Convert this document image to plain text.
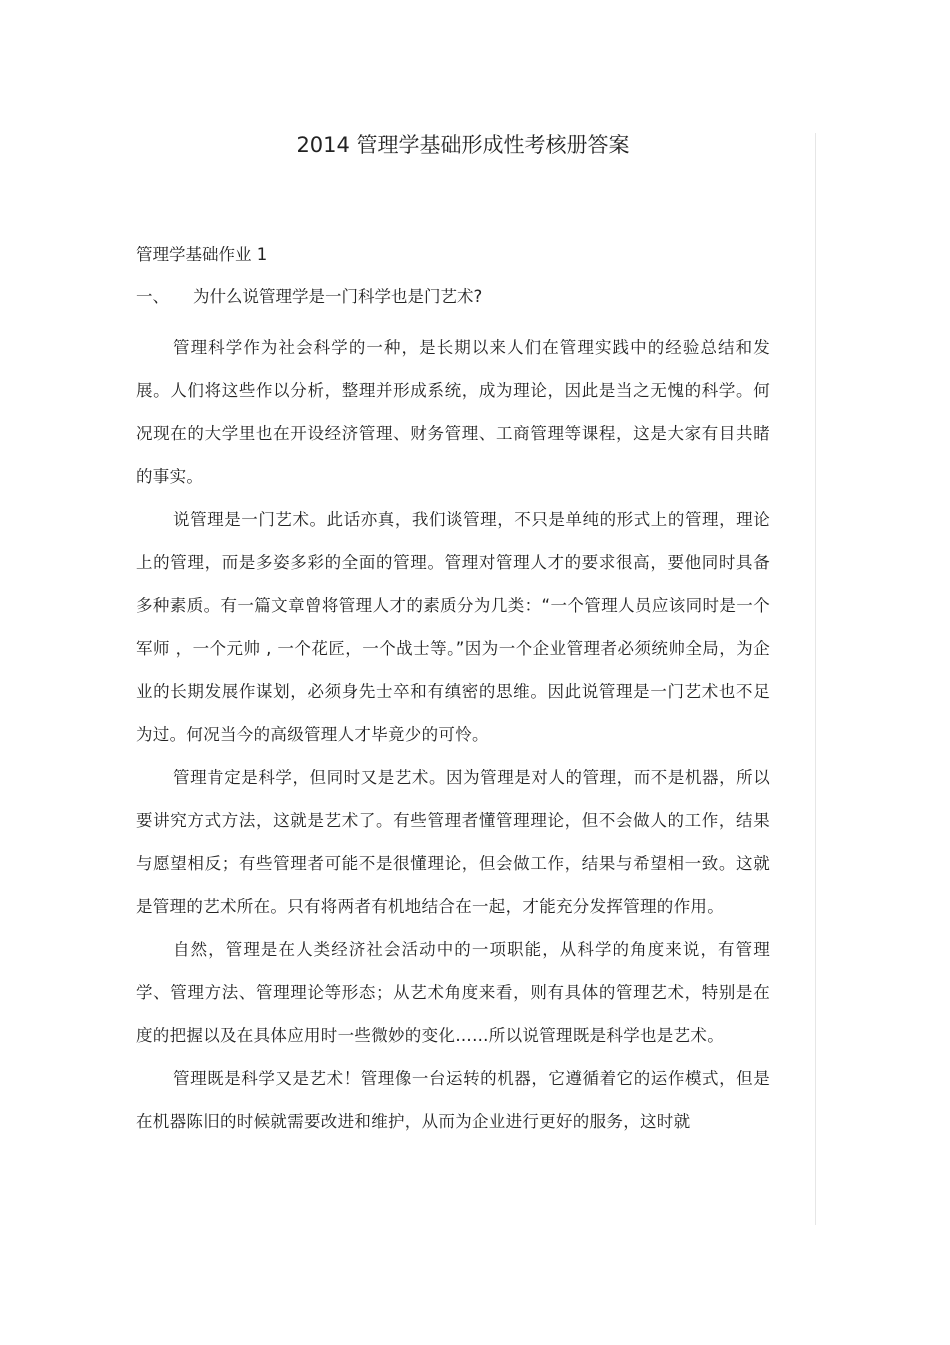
2014 管理学基础形成性考核册答案
管理学基础作业 1
一、 为什么说管理学是一门科学也是门艺术?

管理科学作为社会科学的一种，是长期以来人们在管理实践中的经验总结和发展。人们将这些作以分析，整理并形成系统，成为理论，因此是当之无愧的科学。何况现在的大学里也在开设经济管理、财务管理、工商管理等课程，这是大家有目共睹的事实。

说管理是一门艺术。此话亦真，我们谈管理，不只是单纯的形式上的管理，理论上的管理，而是多姿多彩的全面的管理。管理对管理人才的要求很高，要他同时具备多种素质。有一篇文章曾将管理人才的素质分为几类：“一个管理人员应该同时是一个军师 ，一个元帅 , 一个花匠，一个战士等。”因为一个企业管理者必须统帅全局，为企业的长期发展作谋划，必须身先士卒和有缜密的思维。因此说管理是一门艺术也不足为过。何况当今的高级管理人才毕竟少的可怜。

管理肯定是科学，但同时又是艺术。因为管理是对人的管理，而不是机器，所以要讲究方式方法，这就是艺术了。有些管理者懂管理理论，但不会做人的工作，结果与愿望相反；有些管理者可能不是很懂理论，但会做工作，结果与希望相一致。这就是管理的艺术所在。只有将两者有机地结合在一起，才能充分发挥管理的作用。

自然，管理是在人类经济社会活动中的一项职能，从科学的角度来说，有管理学、管理方法、管理理论等形态；从艺术角度来看，则有具体的管理艺术，特别是在度的把握以及在具体应用时一些微妙的变化……所以说管理既是科学也是艺术。

管理既是科学又是艺术！管理像一台运转的机器，它遵循着它的运作模式，但是在机器陈旧的时候就需要改进和维护，从而为企业进行更好的服务，这时就
